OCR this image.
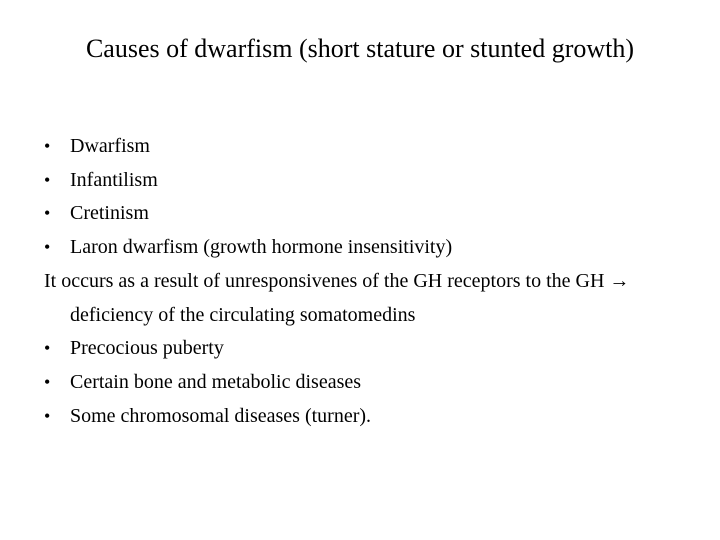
Causes of dwarfism (short stature or stunted growth)
• Dwarfism
• Infantilism
• Cretinism
• Laron dwarfism (growth hormone insensitivity)
It occurs as a result of unresponsivenes of the GH receptors to the GH → deficiency of the circulating somatomedins
• Precocious puberty
• Certain bone and metabolic diseases
• Some chromosomal diseases (turner).
